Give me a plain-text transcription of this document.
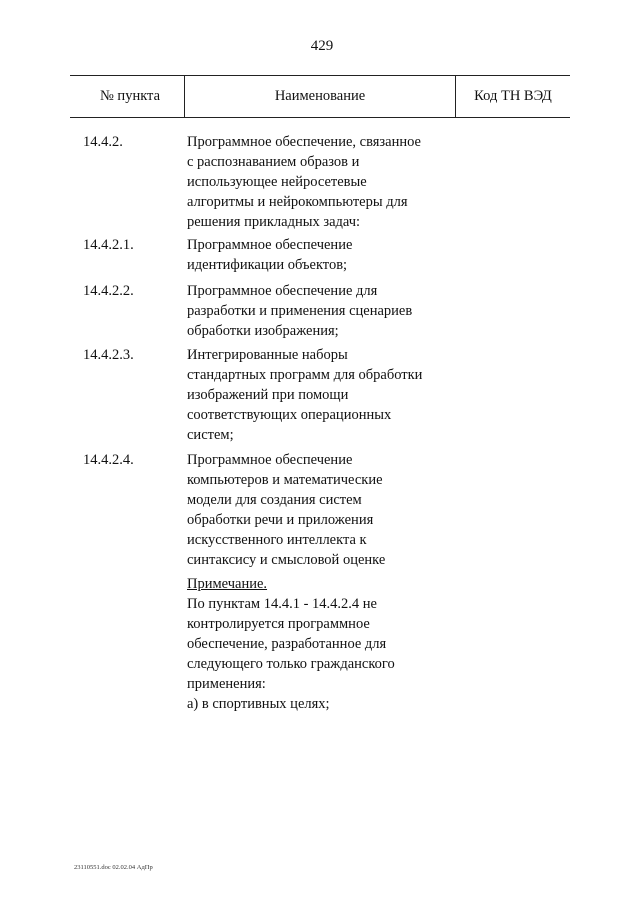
429
№ пункта	Наименование	Код ТН ВЭД
14.4.2.	Программное обеспечение, связанное
с распознаванием образов и
использующее нейросетевые
алгоритмы и нейрокомпьютеры для
решения прикладных задач:
14.4.2.1.	Программное обеспечение
идентификации объектов;
14.4.2.2.	Программное обеспечение для
разработки и применения сценариев
обработки изображения;
14.4.2.3.	Интегрированные наборы
стандартных программ для обработки
изображений при помощи
соответствующих операционных
систем;
14.4.2.4.	Программное обеспечение
компьютеров и математические
модели для создания систем
обработки речи и приложения
искусственного интеллекта к
синтаксису и смысловой оценке
Примечание.
По пунктам 14.4.1 - 14.4.2.4 не
контролируется программное
обеспечение, разработанное для
следующего только гражданского
применения:
а) в спортивных целях;
23110551.doc 02.02.04 АдПр
